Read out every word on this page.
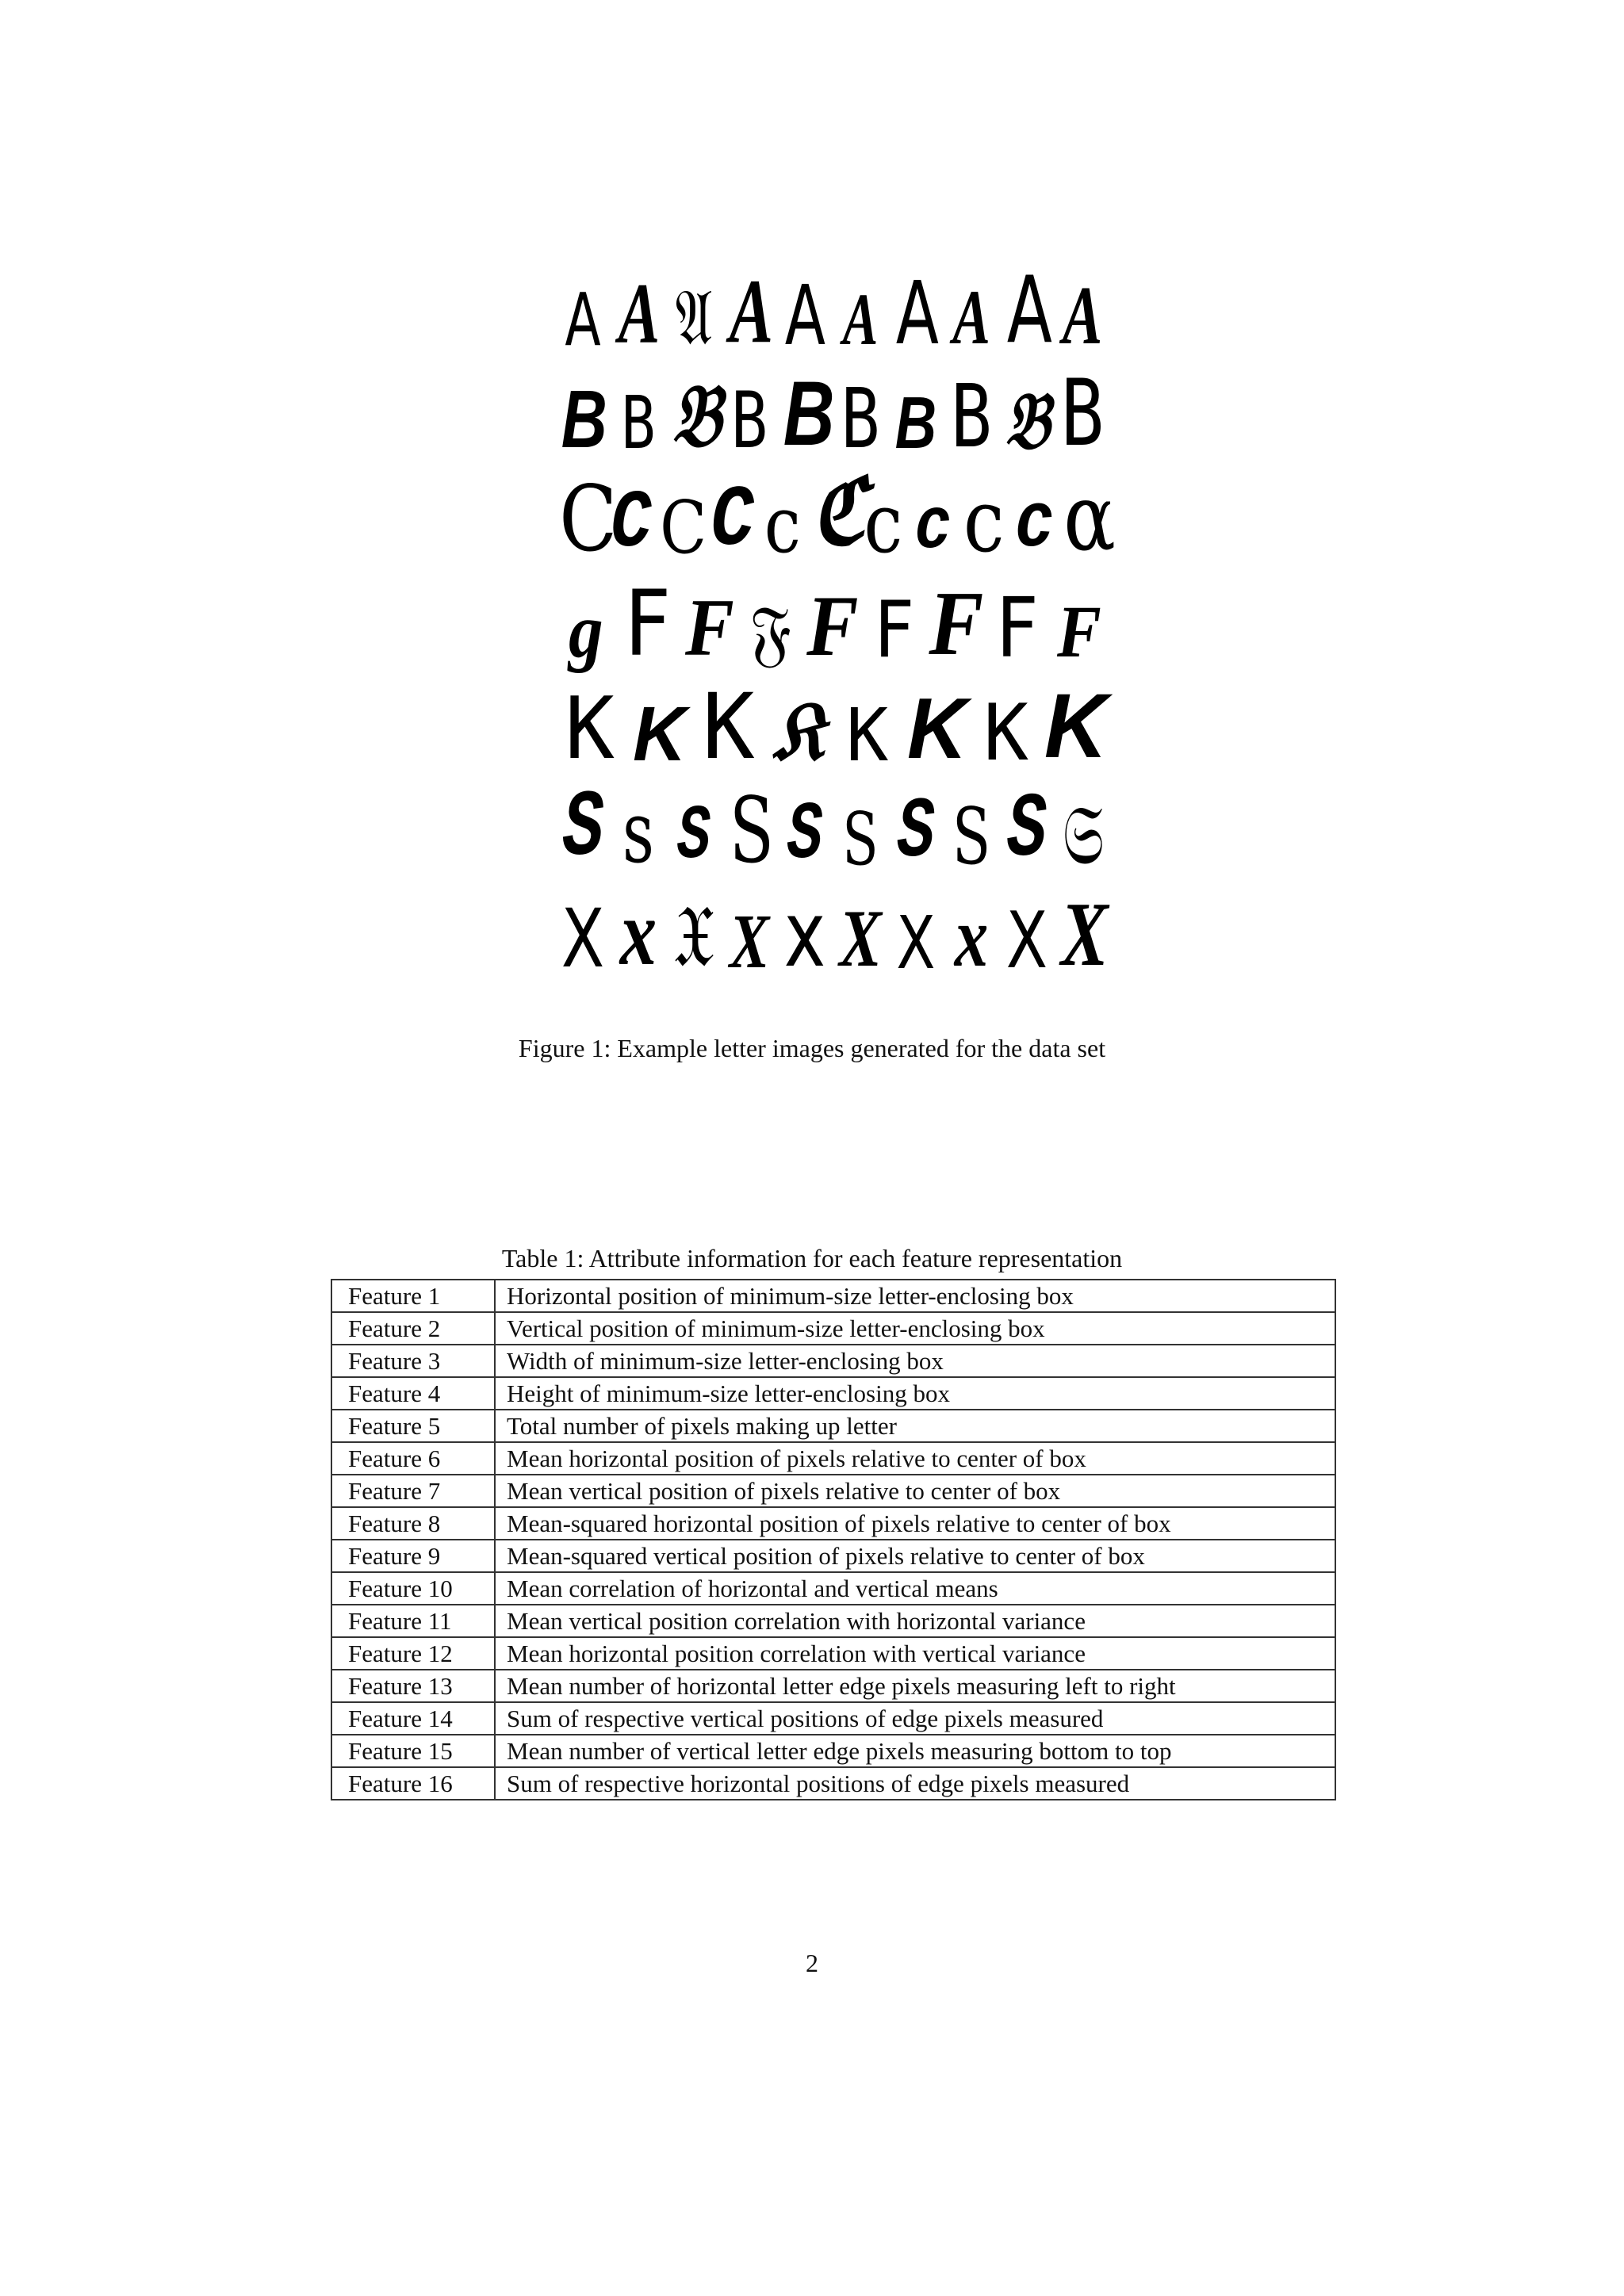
A A 𝔄 A A A A A A A
B B 𝔅 B B B B B 𝔅 B
C
C C C c ℭ
c c c c α
g F F 𝔉 F F F F F
K K K 𝔎 K K K K
S s S S S S S S S 𝔖
X x 𝔛 X x X X x X X
Figure 1: Example letter images generated for the data set
Table 1: Attribute information for each feature representation
Feature 1	Horizontal position of minimum-size letter-enclosing box
Feature 2	Vertical position of minimum-size letter-enclosing box
Feature 3	Width of minimum-size letter-enclosing box
Feature 4	Height of minimum-size letter-enclosing box
Feature 5	Total number of pixels making up letter
Feature 6	Mean horizontal position of pixels relative to center of box
Feature 7	Mean vertical position of pixels relative to center of box
Feature 8	Mean-squared horizontal position of pixels relative to center of box
Feature 9	Mean-squared vertical position of pixels relative to center of box
Feature 10	Mean correlation of horizontal and vertical means
Feature 11	Mean vertical position correlation with horizontal variance
Feature 12	Mean horizontal position correlation with vertical variance
Feature 13	Mean number of horizontal letter edge pixels measuring left to right
Feature 14	Sum of respective vertical positions of edge pixels measured
Feature 15	Mean number of vertical letter edge pixels measuring bottom to top
Feature 16	Sum of respective horizontal positions of edge pixels measured
2
